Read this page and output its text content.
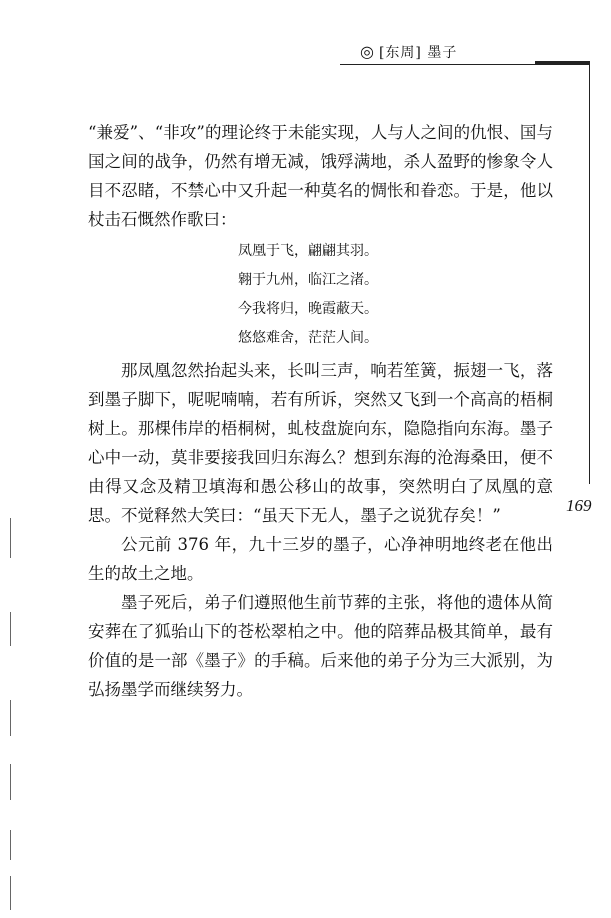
◎ [东周] 墨子
169

“兼爱”、“非攻”的理论终于未能实现，人与人之间的仇恨、国与国之间的战争，仍然有增无减，饿殍满地，杀人盈野的惨象令人目不忍睹，不禁心中又升起一种莫名的惆怅和眷恋。于是，他以杖击石慨然作歌曰：

凤凰于飞，翩翩其羽。
翱于九州，临江之渚。
今我将归，晚霞蔽天。
悠悠难舍，茫茫人间。

那凤凰忽然抬起头来，长叫三声，响若笙簧，振翅一飞，落到墨子脚下，呢呢喃喃，若有所诉，突然又飞到一个高高的梧桐树上。那棵伟岸的梧桐树，虬枝盘旋向东，隐隐指向东海。墨子心中一动，莫非要接我回归东海么？想到东海的沧海桑田，便不由得又念及精卫填海和愚公移山的故事，突然明白了凤凰的意思。不觉释然大笑曰：“虽天下无人，墨子之说犹存矣！”

公元前 376 年，九十三岁的墨子，心净神明地终老在他出生的故土之地。

墨子死后，弟子们遵照他生前节葬的主张，将他的遗体从简安葬在了狐骀山下的苍松翠柏之中。他的陪葬品极其简单，最有价值的是一部《墨子》的手稿。后来他的弟子分为三大派别，为弘扬墨学而继续努力。
